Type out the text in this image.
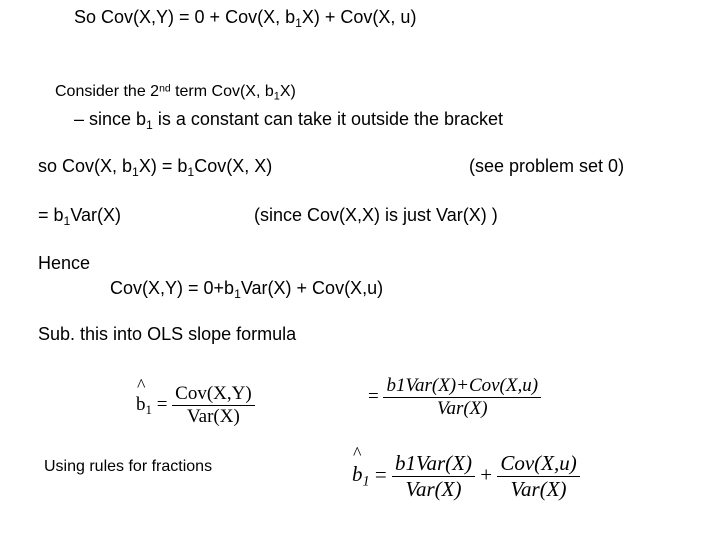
So Cov(X,Y) = 0 + Cov(X, $b_1X) + Cov(X$, u)
Consider the 2nd term Cov(X, $b_1X$)
– since $b_1$ is a constant can take it outside the bracket
so Cov(X, $b_1X) = b_1Cov(X$, X)	(see problem set 0)
= $b_1Var(X)$	(since Cov(X,X) is just Var(X) )
Hence
$Cov(X,Y) = 0+b_1Var(X) + Cov(X,u)$
Sub. this into OLS slope formula
Using rules for fractions
^
$b_1 = \frac{\text{Cov(X,Y)}}{\text{Var(X)}}$	= $\frac{\text{b1Var(X)+Cov(X,u)}}{\text{Var(X)}}$
^
$b_1 = \frac{\text{b1Var(X)}}{\text{Var(X)}} + \frac{\text{Cov(X,u)}}{\text{Var(X)}}$
